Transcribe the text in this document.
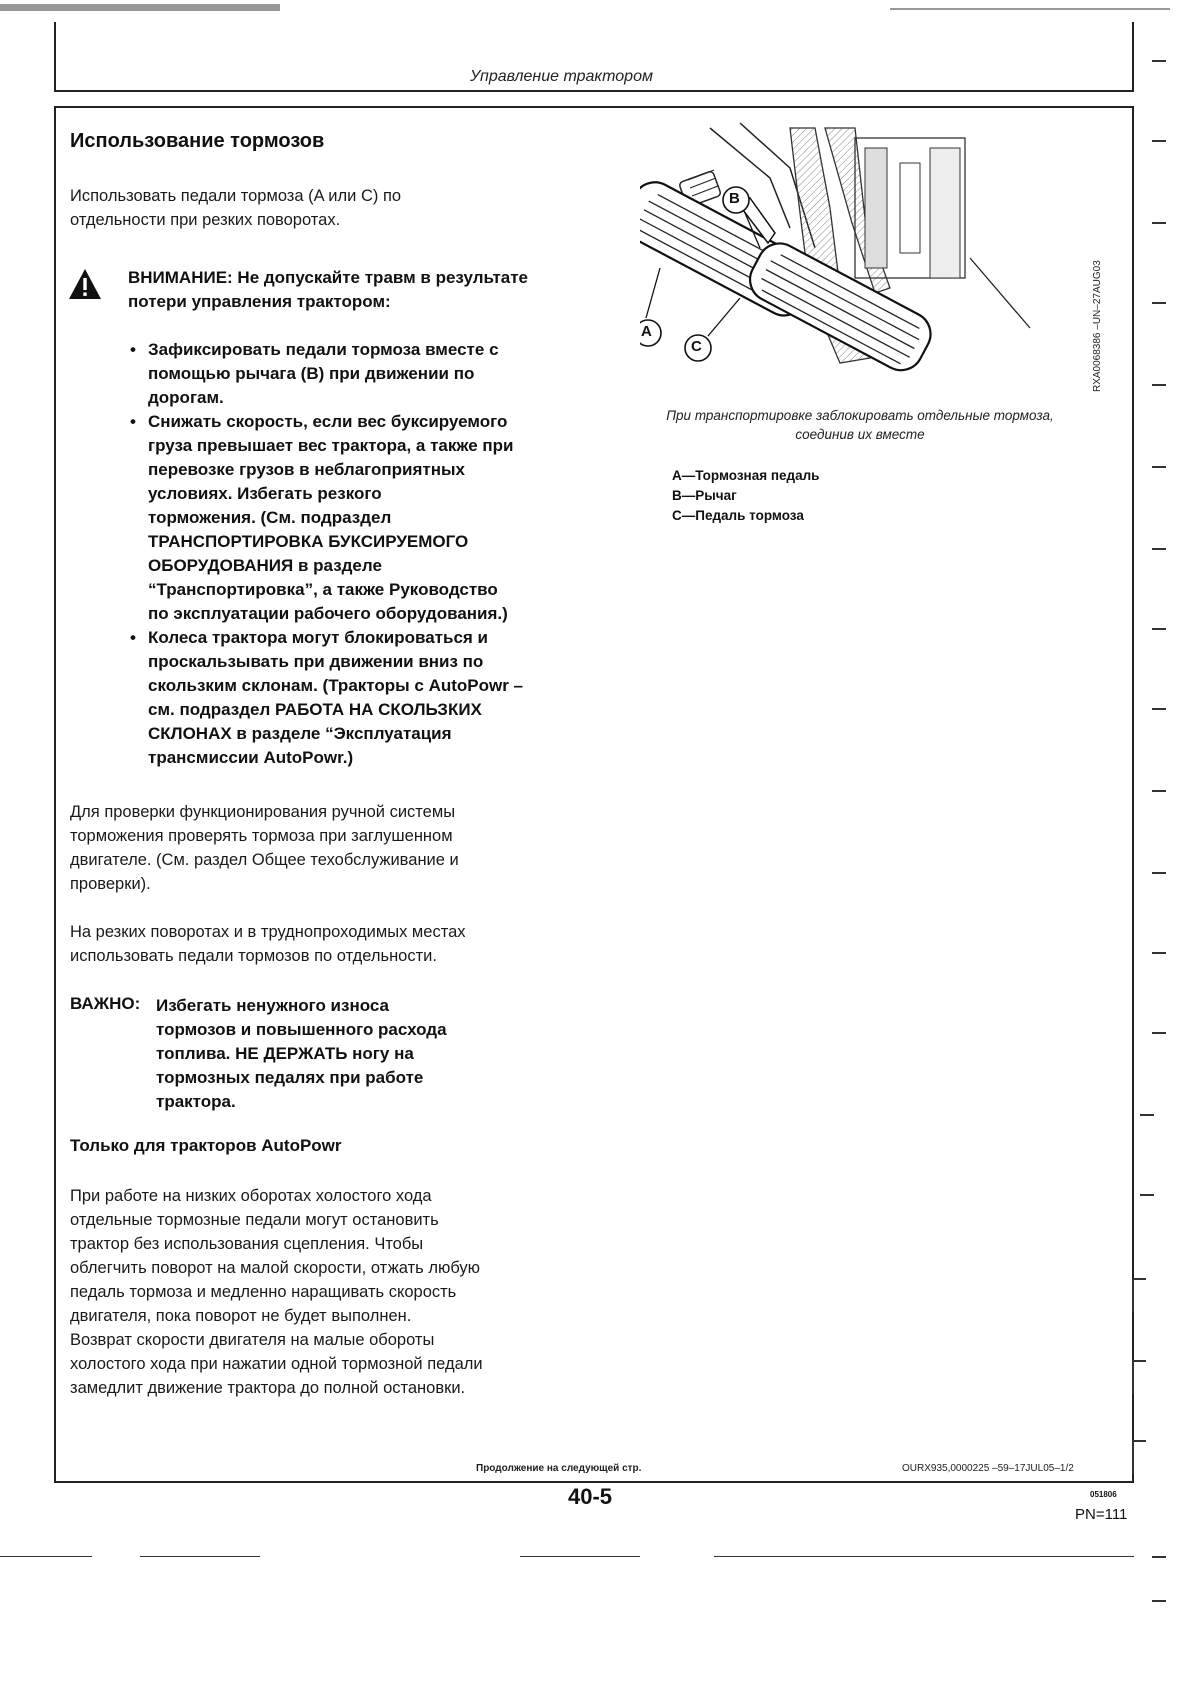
Управление трактором
Использование тормозов
Использовать педали тормоза (A или C) по
отдельности при резких поворотах.
ВНИМАНИЕ: Не допускайте травм в результате
потери управления трактором:
• Зафиксировать педали тормоза вместе с
помощью рычага (B) при движении по
дорогам.
• Снижать скорость, если вес буксируемого
груза превышает вес трактора, а также при
перевозке грузов в неблагоприятных
условиях. Избегать резкого
торможения. (См. подраздел
ТРАНСПОРТИРОВКА БУКСИРУЕМОГО
ОБОРУДОВАНИЯ в разделе
“Транспортировка”, а также Руководство
по эксплуатации рабочего оборудования.)
• Колеса трактора могут блокироваться и
проскальзывать при движении вниз по
скользким склонам. (Тракторы с AutoPowr –
см. подраздел РАБОТА НА СКОЛЬЗКИХ
СКЛОНАХ в разделе “Эксплуатация
трансмиссии AutoPowr.)
Для проверки функционирования ручной системы
торможения проверять тормоза при заглушенном
двигателе. (См. раздел Общее техобслуживание и
проверки).
На резких поворотах и в труднопроходимых местах
использовать педали тормозов по отдельности.
ВАЖНО: Избегать ненужного износа
тормозов и повышенного расхода
топлива. НЕ ДЕРЖАТЬ ногу на
тормозных педалях при работе
трактора.
Только для тракторов AutoPowr
При работе на низких оборотах холостого хода
отдельные тормозные педали могут остановить
трактор без использования сцепления. Чтобы
облегчить поворот на малой скорости, отжать любую
педаль тормоза и медленно наращивать скорость
двигателя, пока поворот не будет выполнен.
Возврат скорости двигателя на малые обороты
холостого хода при нажатии одной тормозной педали
замедлит движение трактора до полной остановки.
B
A
C	RXA0068386 –UN–27AUG03
При транспортировке заблокировать отдельные тормоза,
соединив их вместе
A—Тормозная педаль
B—Рычаг
C—Педаль тормоза
Продолжение на следующей стр.	OURX935,0000225 –59–17JUL05–1/2
40-5	051806
PN=111
